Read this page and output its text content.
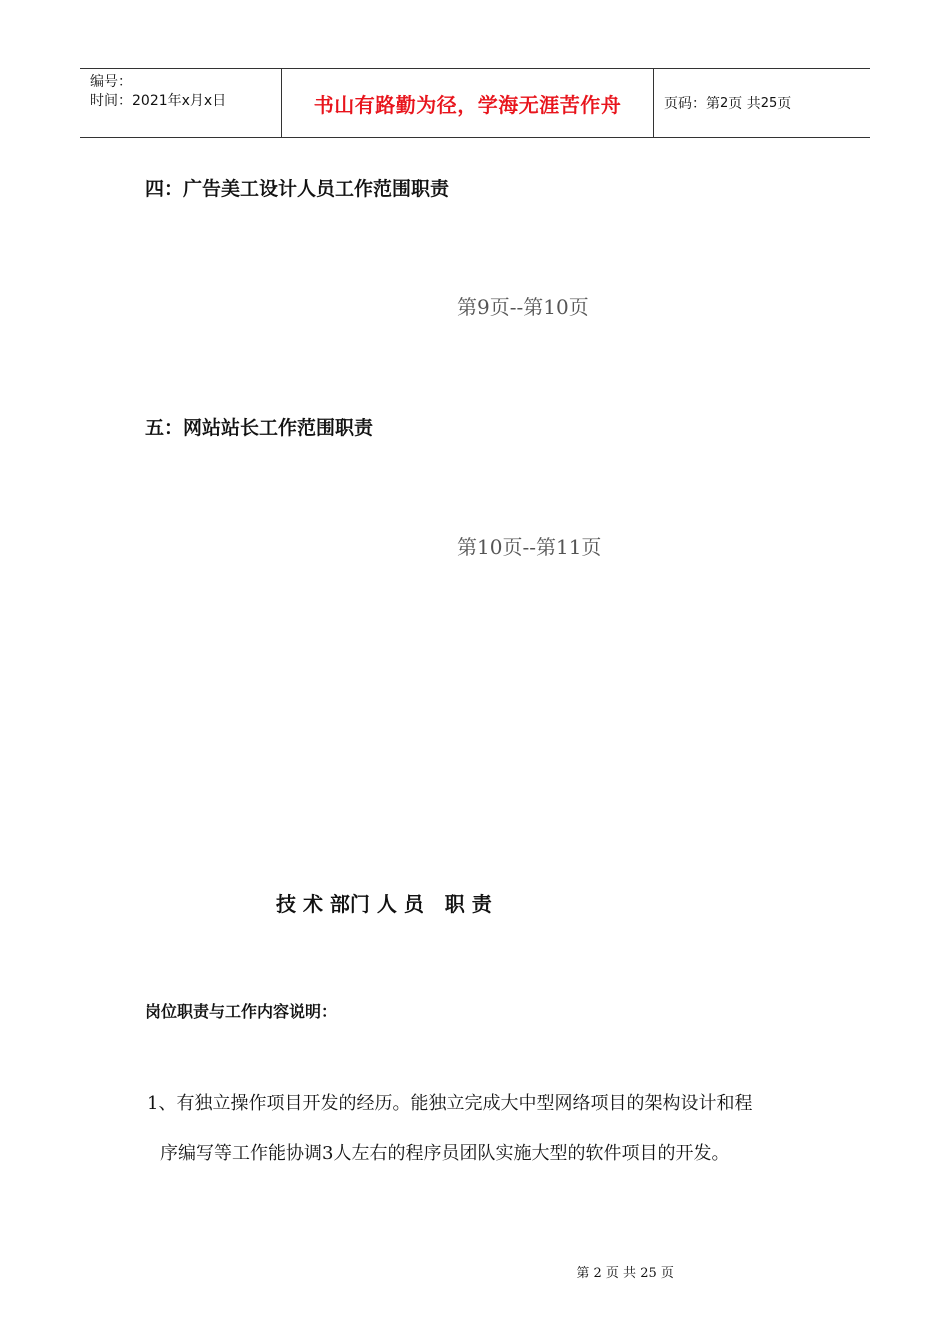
编号：
时间：2021年x月x日	书山有路勤为径，学海无涯苦作舟	页码：第 2 页 共 25 页
四：广告美工设计人员工作范围职责
第9页--第10页
五：网站站长工作范围职责
第10页--第11页
技 术 部门 人 员   职 责
岗位职责与工作内容说明：
1、有独立操作项目开发的经历。能独立完成大中型网络项目的架构设计和程
序编写等工作能协调3人左右的程序员团队实施大型的软件项目的开发。

第 2 页 共 25 页
